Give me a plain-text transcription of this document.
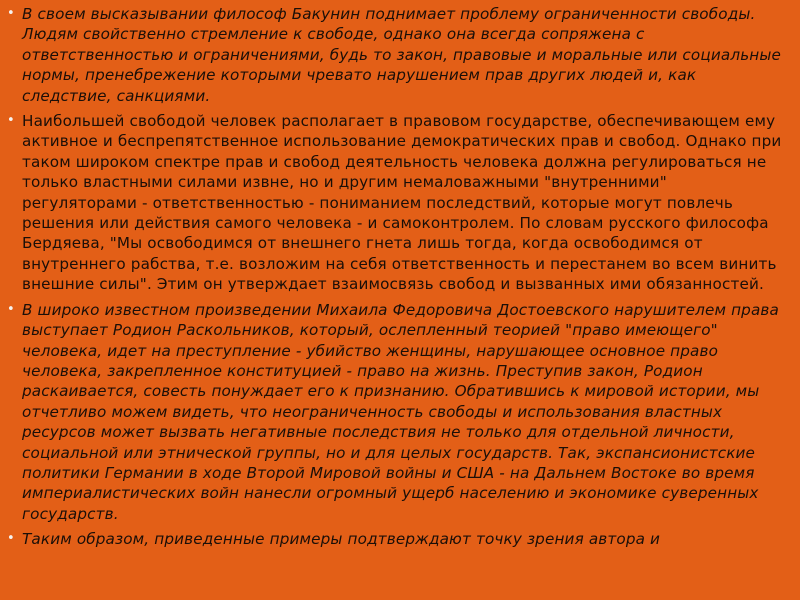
• В своем высказывании философ Бакунин поднимает проблему ограниченности свободы. Людям свойственно стремление к свободе, однако она всегда сопряжена с ответственностью и ограничениями, будь то закон, правовые и моральные или социальные нормы, пренебрежение которыми чревато нарушением прав других людей и, как следствие, санкциями.
• Наибольшей свободой человек располагает в правовом государстве, обеспечивающем ему активное и беспрепятственное использование демократических прав и свобод. Однако при таком широком спектре прав и свобод деятельность человека должна регулироваться не только властными силами извне, но и другим немаловажными "внутренними" регуляторами - ответственностью - пониманием последствий, которые могут повлечь решения или действия самого человека - и самоконтролем. По словам русского философа Бердяева, "Мы освободимся от внешнего гнета лишь тогда, когда освободимся от внутреннего рабства, т.е. возложим на себя ответственность и перестанем во всем винить внешние силы". Этим он утверждает взаимосвязь свобод и вызванных ими обязанностей.
• В широко известном произведении Михаила Федоровича Достоевского нарушителем права выступает Родион Раскольников, который, ослепленный теорией "право имеющего" человека, идет на преступление - убийство женщины, нарушающее основное право человека, закрепленное конституцией - право на жизнь. Преступив закон, Родион раскаивается, совесть понуждает его к признанию. Обратившись к мировой истории, мы отчетливо можем видеть, что неограниченность свободы и использования властных ресурсов может вызвать негативные последствия не только для отдельной личности, социальной или этнической группы, но и для целых государств. Так, экспансионистские политики Германии в ходе Второй Мировой войны и США - на Дальнем Востоке во время империалистических войн нанесли огромный ущерб населению и экономике суверенных государств.
• Таким образом, приведенные примеры подтверждают точку зрения автора и
